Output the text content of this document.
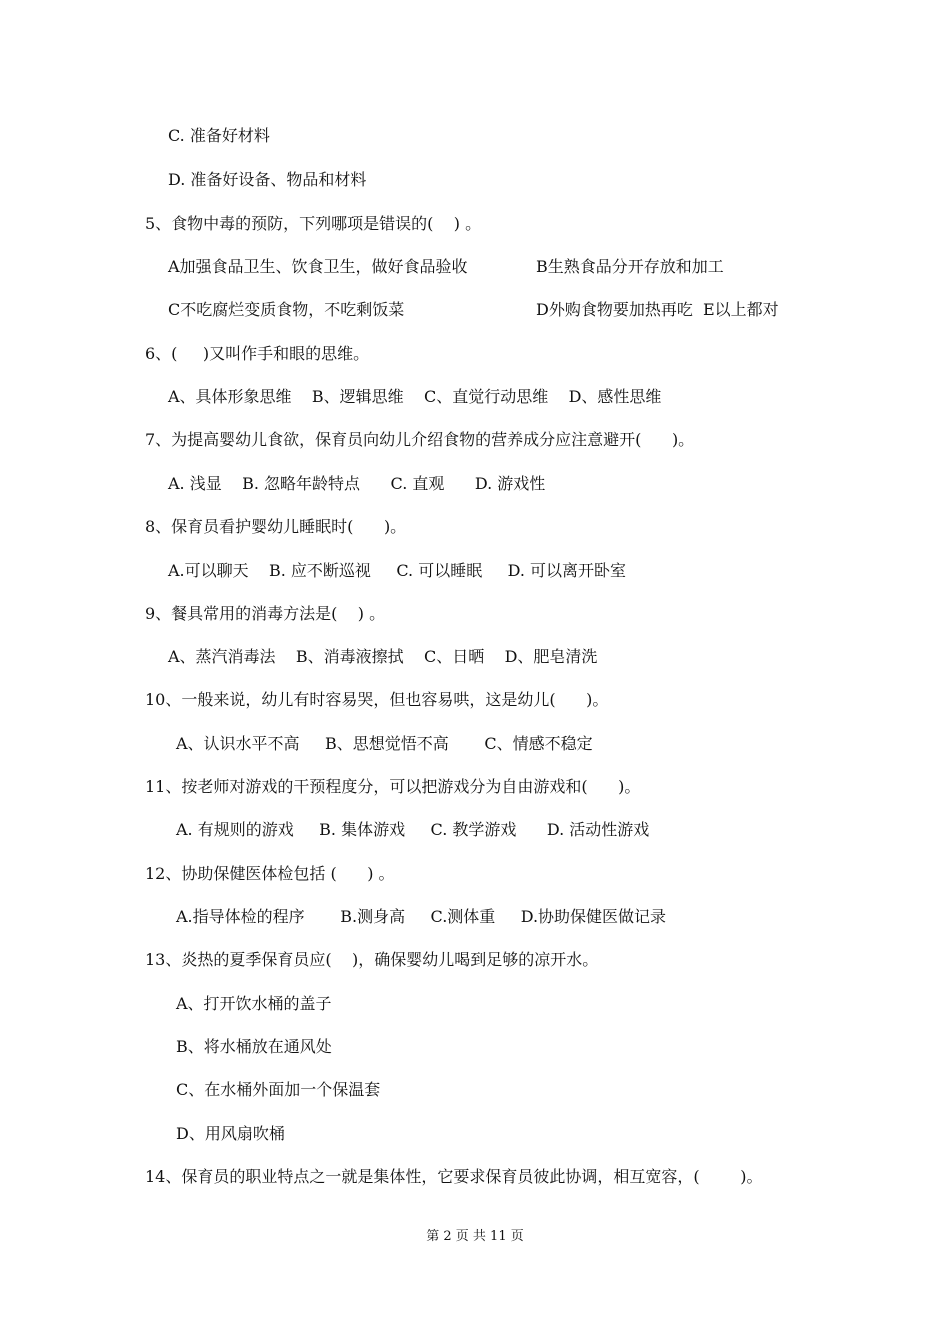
C. 准备好材料
D. 准备好设备、物品和材料
5、食物中毒的预防，下列哪项是错误的(    ) 。
A加强食品卫生、饮食卫生，做好食品验收	B生熟食品分开存放和加工
C不吃腐烂变质食物，不吃剩饭菜	D外购食物要加热再吃  E以上都对
6、(     )又叫作手和眼的思维。
A、具体形象思维    B、逻辑思维    C、直觉行动思维    D、感性思维
7、为提高婴幼儿食欲，保育员向幼儿介绍食物的营养成分应注意避开(      )。
A. 浅显    B. 忽略年龄特点      C. 直观      D. 游戏性
8、保育员看护婴幼儿睡眠时(      )。
A.可以聊天    B. 应不断巡视     C. 可以睡眠     D. 可以离开卧室
9、餐具常用的消毒方法是(    ) 。
A、蒸汽消毒法    B、消毒液擦拭    C、日晒    D、肥皂清洗
10、一般来说，幼儿有时容易哭，但也容易哄，这是幼儿(      )。
A、认识水平不高     B、思想觉悟不高       C、情感不稳定
11、按老师对游戏的干预程度分，可以把游戏分为自由游戏和(      )。
A. 有规则的游戏     B. 集体游戏     C. 教学游戏      D. 活动性游戏
12、协助保健医体检包括 (      ) 。
A.指导体检的程序       B.测身高     C.测体重     D.协助保健医做记录
13、炎热的夏季保育员应(    )，确保婴幼儿喝到足够的凉开水。
A、打开饮水桶的盖子
B、将水桶放在通风处
C、在水桶外面加一个保温套
D、用风扇吹桶
14、保育员的职业特点之一就是集体性，它要求保育员彼此协调，相互宽容，(        )。
第 2 页 共 11 页
